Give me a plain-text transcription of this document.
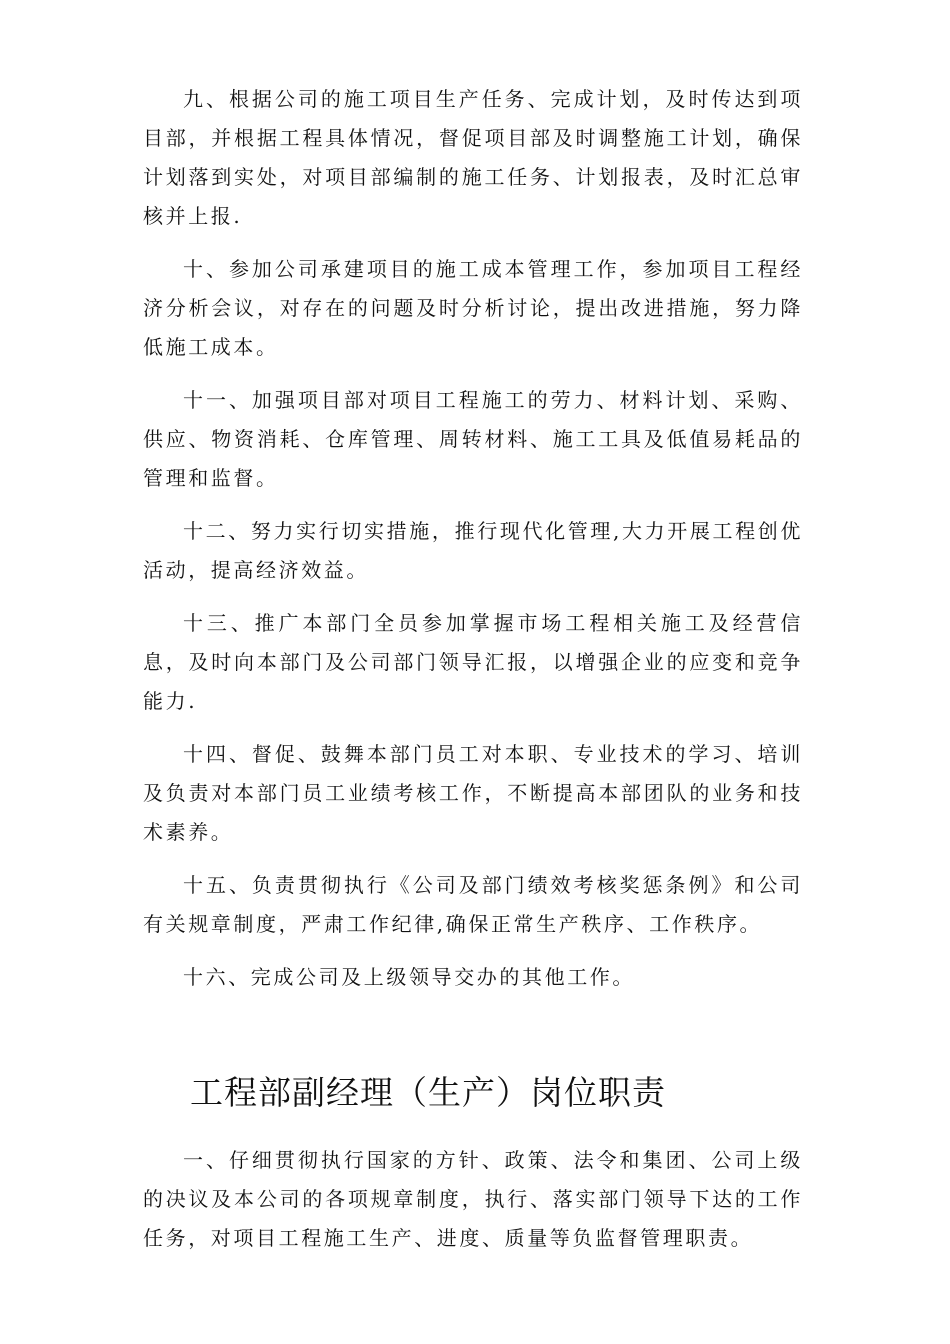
九、根据公司的施工项目生产任务、完成计划，及时传达到项目部，并根据工程具体情况，督促项目部及时调整施工计划，确保计划落到实处，对项目部编制的施工任务、计划报表，及时汇总审核并上报.

十、参加公司承建项目的施工成本管理工作，参加项目工程经济分析会议，对存在的问题及时分析讨论，提出改进措施，努力降低施工成本。

十一、加强项目部对项目工程施工的劳力、材料计划、采购、供应、物资消耗、仓库管理、周转材料、施工工具及低值易耗品的管理和监督。

十二、努力实行切实措施，推行现代化管理,大力开展工程创优活动，提高经济效益。

十三、推广本部门全员参加掌握市场工程相关施工及经营信息，及时向本部门及公司部门领导汇报，以增强企业的应变和竞争能力.

十四、督促、鼓舞本部门员工对本职、专业技术的学习、培训及负责对本部门员工业绩考核工作，不断提高本部团队的业务和技术素养。

十五、负责贯彻执行《公司及部门绩效考核奖惩条例》和公司有关规章制度，严肃工作纪律,确保正常生产秩序、工作秩序。

十六、完成公司及上级领导交办的其他工作。

工程部副经理（生产）岗位职责

一、仔细贯彻执行国家的方针、政策、法令和集团、公司上级的决议及本公司的各项规章制度，执行、落实部门领导下达的工作任务，对项目工程施工生产、进度、质量等负监督管理职责。
